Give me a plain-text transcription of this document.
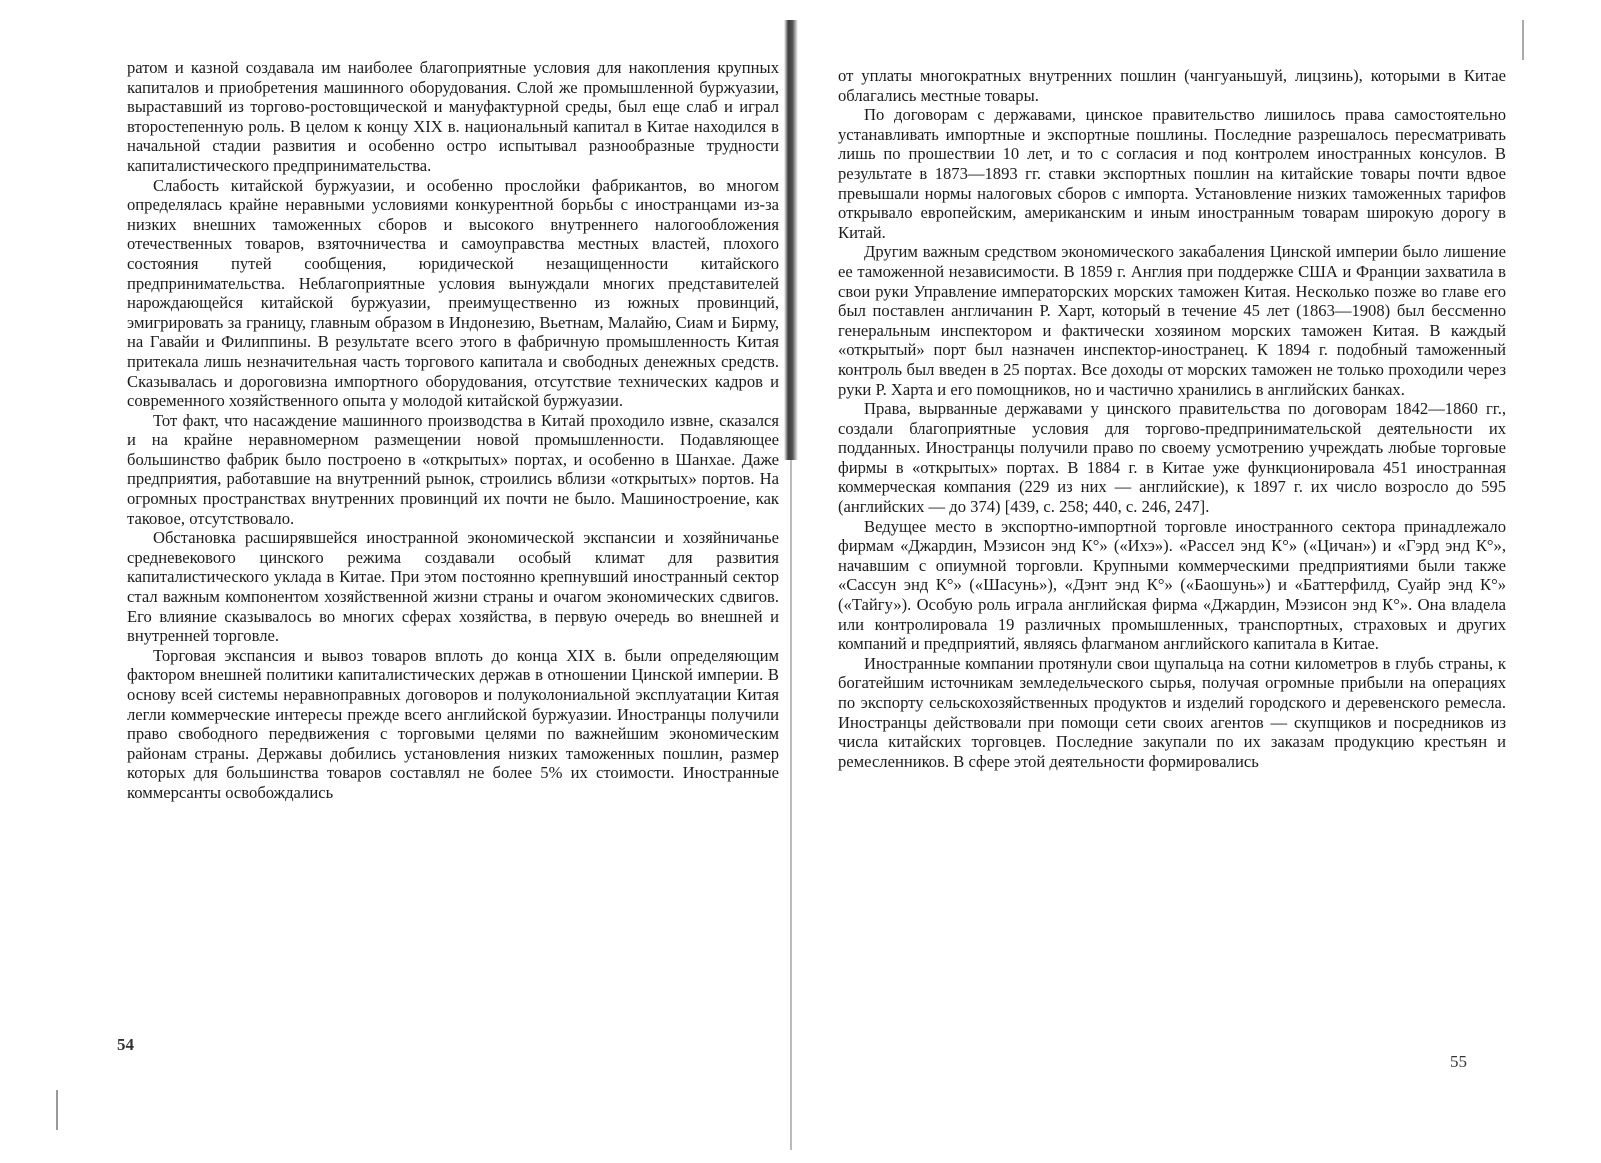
ратом и казной создавала им наиболее благоприятные условия для накопления крупных капиталов и приобретения машинного оборудования. Слой же промышленной буржуазии, выраставший из торгово-ростовщической и мануфактурной среды, был еще слаб и играл второстепенную роль. В целом к концу XIX в. национальный капитал в Китае находился в начальной стадии развития и особенно остро испытывал разнообразные трудности капиталистического предпринимательства.

Слабость китайской буржуазии, и особенно прослойки фабрикантов, во многом определялась крайне неравными условиями конкурентной борьбы с иностранцами из-за низких внешних таможенных сборов и высокого внутреннего налогообложения отечественных товаров, взяточничества и самоуправства местных властей, плохого состояния путей сообщения, юридической незащищенности китайского предпринимательства. Неблагоприятные условия вынуждали многих представителей нарождающейся китайской буржуазии, преимущественно из южных провинций, эмигрировать за границу, главным образом в Индонезию, Вьетнам, Малайю, Сиам и Бирму, на Гавайи и Филиппины. В результате всего этого в фабричную промышленность Китая притекала лишь незначительная часть торгового капитала и свободных денежных средств. Сказывалась и дороговизна импортного оборудования, отсутствие технических кадров и современного хозяйственного опыта у молодой китайской буржуазии.

Тот факт, что насаждение машинного производства в Китай проходило извне, сказался и на крайне неравномерном размещении новой промышленности. Подавляющее большинство фабрик было построено в «открытых» портах, и особенно в Шанхае. Даже предприятия, работавшие на внутренний рынок, строились вблизи «открытых» портов. На огромных пространствах внутренних провинций их почти не было. Машиностроение, как таковое, отсутствовало.

Обстановка расширявшейся иностранной экономической экспансии и хозяйничанье средневекового цинского режима создавали особый климат для развития капиталистического уклада в Китае. При этом постоянно крепнувший иностранный сектор стал важным компонентом хозяйственной жизни страны и очагом экономических сдвигов. Его влияние сказывалось во многих сферах хозяйства, в первую очередь во внешней и внутренней торговле.

Торговая экспансия и вывоз товаров вплоть до конца XIX в. были определяющим фактором внешней политики капиталистических держав в отношении Цинской империи. В основу всей системы неравноправных договоров и полуколониальной эксплуатации Китая легли коммерческие интересы прежде всего английской буржуазии. Иностранцы получили право свободного передвижения с торговыми целями по важнейшим экономическим районам страны. Державы добились установления низких таможенных пошлин, размер которых для большинства товаров составлял не более 5% их стоимости. Иностранные коммерсанты освобождались

54

от уплаты многократных внутренних пошлин (чангуаньшуй, лицзинь), которыми в Китае облагались местные товары.

По договорам с державами, цинское правительство лишилось права самостоятельно устанавливать импортные и экспортные пошлины. Последние разрешалось пересматривать лишь по прошествии 10 лет, и то с согласия и под контролем иностранных консулов. В результате в 1873—1893 гг. ставки экспортных пошлин на китайские товары почти вдвое превышали нормы налоговых сборов с импорта. Установление низких таможенных тарифов открывало европейским, американским и иным иностранным товарам широкую дорогу в Китай.

Другим важным средством экономического закабаления Цинской империи было лишение ее таможенной независимости. В 1859 г. Англия при поддержке США и Франции захватила в свои руки Управление императорских морских таможен Китая. Несколько позже во главе его был поставлен англичанин Р. Харт, который в течение 45 лет (1863—1908) был бессменно генеральным инспектором и фактически хозяином морских таможен Китая. В каждый «открытый» порт был назначен инспектор-иностранец. К 1894 г. подобный таможенный контроль был введен в 25 портах. Все доходы от морских таможен не только проходили через руки Р. Харта и его помощников, но и частично хранились в английских банках.

Права, вырванные державами у цинского правительства по договорам 1842—1860 гг., создали благоприятные условия для торгово-предпринимательской деятельности их подданных. Иностранцы получили право по своему усмотрению учреждать любые торговые фирмы в «открытых» портах. В 1884 г. в Китае уже функционировала 451 иностранная коммерческая компания (229 из них — английские), к 1897 г. их число возросло до 595 (английских — до 374) [439, с. 258; 440, с. 246, 247].

Ведущее место в экспортно-импортной торговле иностранного сектора принадлежало фирмам «Джардин, Мэзисон энд К°» («Ихэ»). «Рассел энд К°» («Цичан») и «Гэрд энд К°», начавшим с опиумной торговли. Крупными коммерческими предприятиями были также «Сассун энд К°» («Шасунь»), «Дэнт энд К°» («Баошунь») и «Баттерфилд, Суайр энд К°» («Тайгу»). Особую роль играла английская фирма «Джардин, Мэзисон энд К°». Она владела или контролировала 19 различных промышленных, транспортных, страховых и других компаний и предприятий, являясь флагманом английского капитала в Китае.

Иностранные компании протянули свои щупальца на сотни километров в глубь страны, к богатейшим источникам земледельческого сырья, получая огромные прибыли на операциях по экспорту сельскохозяйственных продуктов и изделий городского и деревенского ремесла. Иностранцы действовали при помощи сети своих агентов — скупщиков и посредников из числа китайских торговцев. Последние закупали по их заказам продукцию крестьян и ремесленников. В сфере этой деятельности формировались

55
